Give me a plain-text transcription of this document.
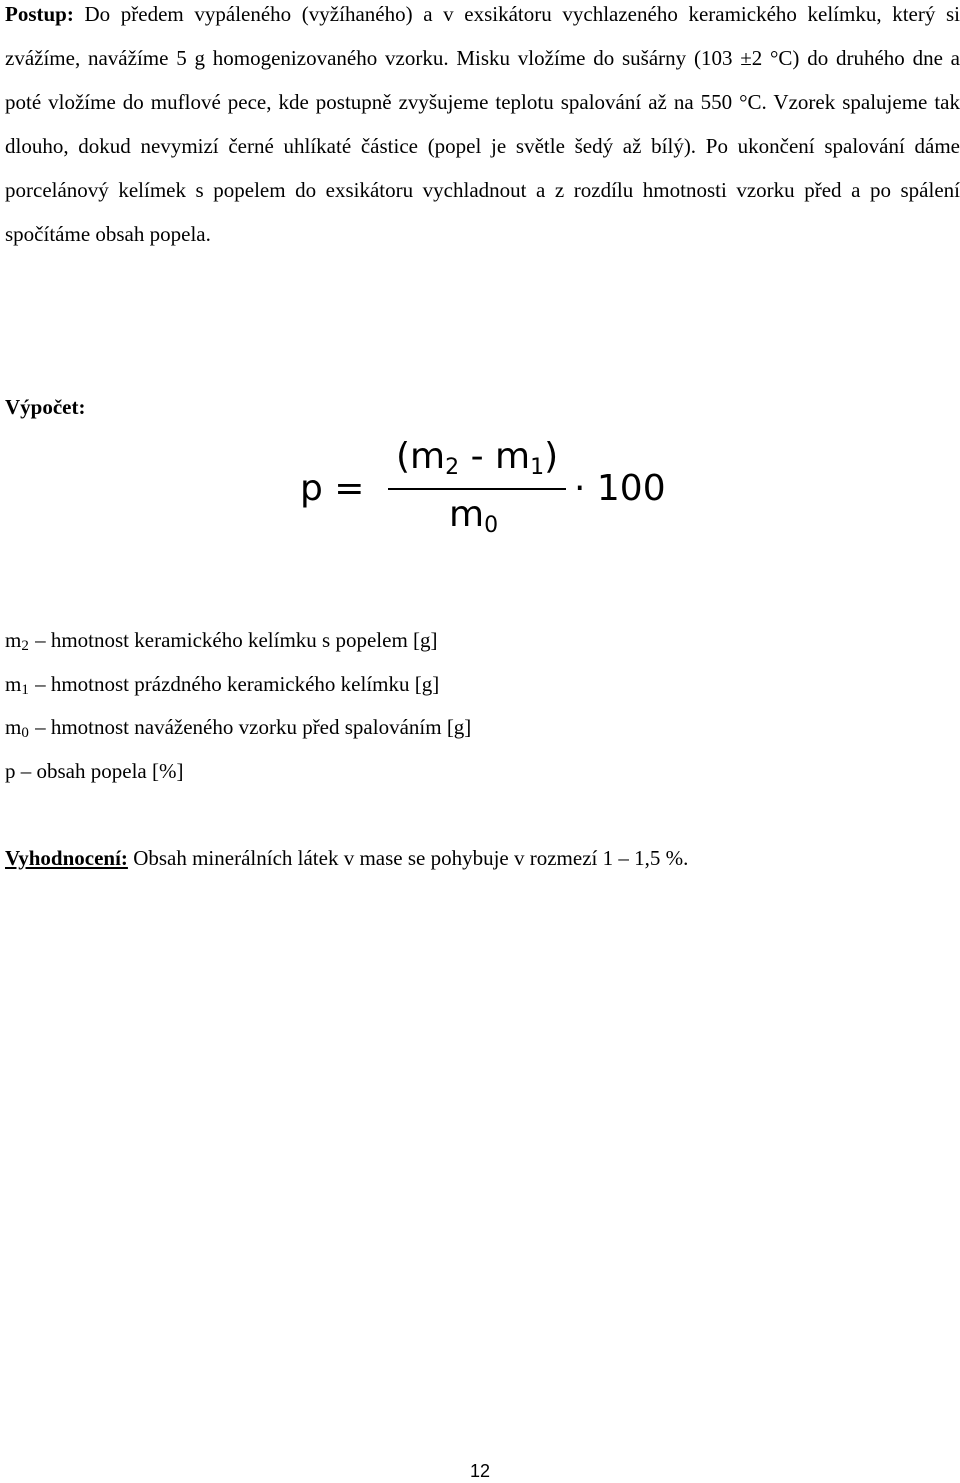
Postup: Do předem vypáleného (vyžíhaného) a v exsikátoru vychlazeného keramického kelímku, který si zvážíme, navážíme 5 g homogenizovaného vzorku. Misku vložíme do sušárny (103 ±2 °C) do druhého dne a poté vložíme do muflové pece, kde postupně zvyšujeme teplotu spalování až na 550 °C. Vzorek spalujeme tak dlouho, dokud nevymizí černé uhlíkaté částice (popel je světle šedý až bílý). Po ukončení spalování dáme porcelánový kelímek s popelem do exsikátoru vychladnout a z rozdílu hmotnosti vzorku před a po spálení spočítáme obsah popela.

Výpočet:

p =
$(m_2 - m_1)$
$m_0$
· 100

$m_2$ – hmotnost keramického kelímku s popelem [g]

$m_1$ – hmotnost prázdného keramického kelímku [g]

$m_0$ – hmotnost naváženého vzorku před spalováním [g]

p – obsah popela [%]

Vyhodnocení: Obsah minerálních látek v mase se pohybuje v rozmezí 1 – 1,5 %.

12
